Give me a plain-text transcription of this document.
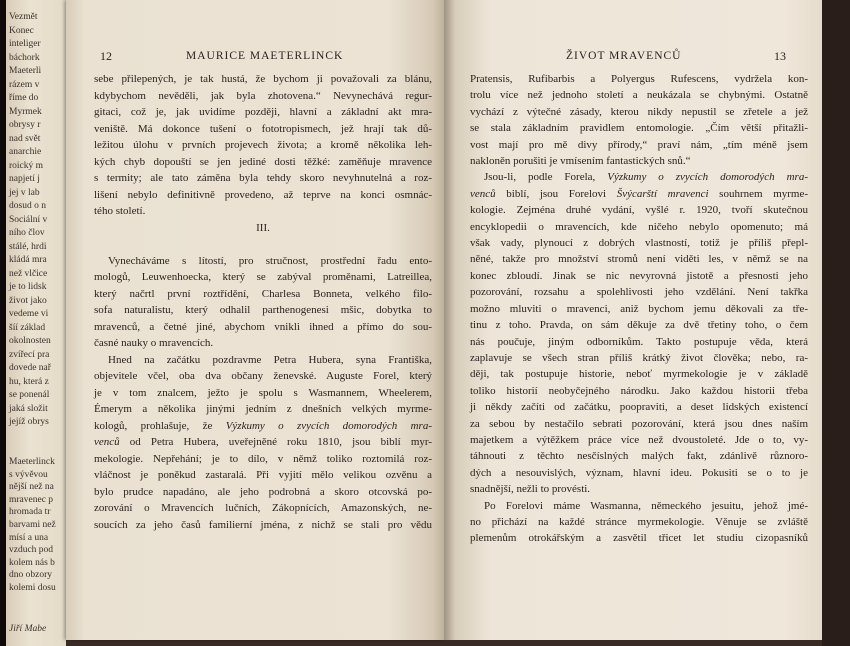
Vezmět
Konec
inteliger
báchork
Maeterli
rázem v
říme do
Myrmek
obrysy r
nad svět
anarchie
roický m
napjetí j
jej v lab
dosud o n
Sociální v
ního člov
stálé, hrdi
kládá mra
než vlčice
je to lidsk
život jako
vedeme vi
šíí základ
okolnosten
zvířecí pra
dovede nař
hu, která z
se ponenál
jaká složit
jejíž obrys
Maeterlinck
s vývěvou
nější než na
mravenec p
hromada tr
barvami než
mísí a una
vzduch pod
kolem nás b
dno obzory
kolemi dosu
Jiří Mabe
12	MAURICE MAETERLINCK
sebe přilepených, je tak hustá, že bychom ji považovali za blánu,
kdybychom nevěděli, jak byla zhotovena.“ Nevynechává regur-
gitaci, což je, jak uvidíme později, hlavní a základní akt mra-
veniště. Má dokonce tušení o fototropismech, jež hrají tak dů-
ležitou úlohu v prvních projevech života; a kromě několika leh-
kých chyb dopouští se jen jediné dosti těžké: zaměňuje mravence
s termity; ale tato záměna byla tehdy skoro nevyhnutelná a roz-
lišení nebylo definitivně provedeno, až teprve na konci osmnác-
tého století.
III.
Vynecháváme s lítostí, pro stručnost, prostřední řadu ento-
mologů, Leuwenhoecka, který se zabýval proměnami, Latreillea,
který načrtl první roztřídění, Charlesa Bonneta, velkého filo-
sofa naturalistu, který odhalil parthenogenesi mšic, dobytka to
mravenců, a četné jiné, abychom vnikli ihned a přímo do sou-
časné nauky o mravencích.
Hned na začátku pozdravme Petra Hubera, syna Františka,
objevitele včel, oba dva občany ženevské. Auguste Forel, který
je v tom znalcem, ježto je spolu s Wasmannem, Wheelerem,
Émerym a několika jinými jedním z dnešních velkých myrme-
kologů, prohlašuje, že Výzkumy o zvycích domorodých mra-
venců od Petra Hubera, uveřejněné roku 1810, jsou biblí myr-
mekologie. Nepřehání; je to dílo, v němž toliko roztomilá roz-
vláčnost je poněkud zastaralá. Při vyjití mělo velikou ozvěnu a
bylo prudce napadáno, ale jeho podrobná a skoro otcovská po-
zorování o Mravencích lučních, Zákopnících, Amazonských, ne-
soucích za jeho časů familierní jména, z nichž se stali pro vědu
ŽIVOT MRAVENCŮ	13
Pratensis, Rufibarbis a Polyergus Rufescens, vydržela kon-
trolu více než jednoho století a neukázala se chybnými. Ostatně
vychází z výtečné zásady, kterou nikdy nepustil se zřetele a jež
se stala základním pravidlem entomologie. „Čím větší přitažli-
vost mají pro mě divy přírody,“ praví nám, „tím méně jsem
nakloněn porušiti je vmísením fantastických snů.“
Jsou-li, podle Forela, Výzkumy o zvycích domorodých mra-
venců biblí, jsou Forelovi Švýcarští mravenci souhrnem myrme-
kologie. Zejména druhé vydání, vyšlé r. 1920, tvoří skutečnou
encyklopedii o mravencích, kde ničeho nebylo opomenuto; má
však vady, plynoucí z dobrých vlastností, totiž je příliš přepl-
něné, takže pro množství stromů není viděti les, v němž se na
konec zbloudí. Jinak se nic nevyrovná jistotě a přesnosti jeho
pozorování, rozsahu a spolehlivosti jeho vzdělání. Není takřka
možno mluviti o mravenci, aniž bychom jemu děkovali za tře-
tinu z toho. Pravda, on sám děkuje za dvě třetiny toho, o čem
nás poučuje, jiným odborníkům. Takto postupuje věda, která
zaplavuje se všech stran příliš krátký život člověka; nebo, ra-
ději, tak postupuje historie, neboť myrmekologie je v základě
toliko historií neobyčejného národku. Jako každou historii třeba
ji někdy začíti od začátku, poopraviti, a deset lidských existencí
za sebou by nestačilo sebrati pozorování, která jsou dnes naším
majetkem a výtěžkem práce více než dvoustoleté. Jde o to, vy-
táhnouti z těchto nesčíslných malých fakt, zdánlivě různoro-
dých a nesouvislých, význam, hlavní ideu. Pokusiti se o to je
snadnější, nežli to provésti.
Po Forelovi máme Wasmanna, německého jesuitu, jehož jmé-
no přichází na každé stránce myrmekologie. Věnuje se zvláště
plemenům otrokářským a zasvětil třicet let studiu cizopasníků
